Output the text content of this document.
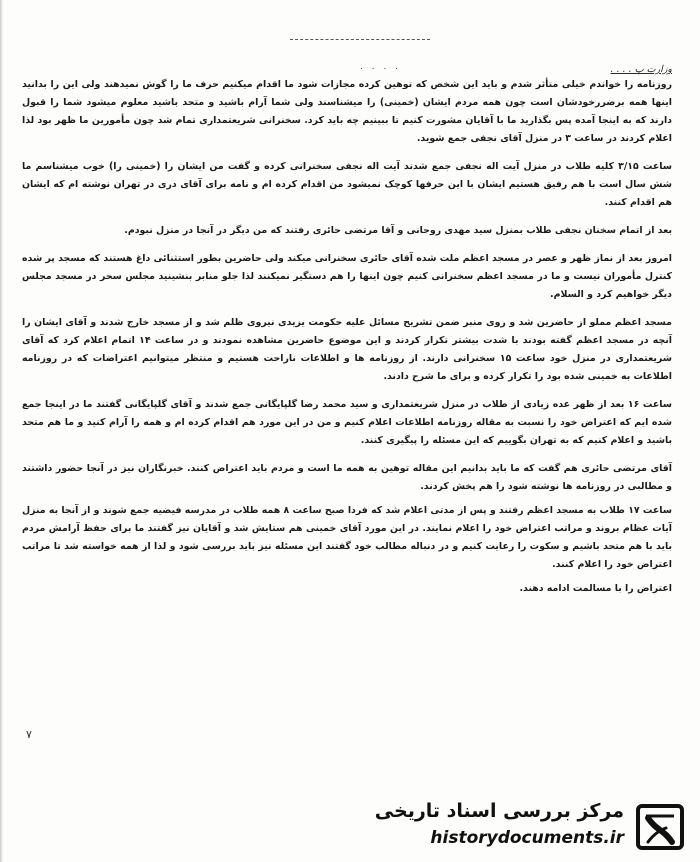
. . . .	وزارت پ . . . .

روزنامه را خواندم خیلی متأثر شدم و باید این شخص که توهین کرده مجازات شود ما اقدام میکنیم حرف ما را گوش نمیدهند ولی این را بدانید اینها همه برضررخودشان است چون همه مردم ایشان (خمینی) را میشناسند ولی شما آرام باشید و متحد باشید معلوم میشود شما را قبول دارند که به اینجا آمده پس بگذارید ما با آقایان مشورت کنیم تا ببینیم چه باید کرد. سخنرانی شریعتمداری تمام شد چون مأمورین ما ظهر بود لذا اعلام کردند در ساعت ۳ در منزل آقای نجفی جمع شوید.

ساعت ۳/۱۵ کلیه طلاب در منزل آیت اله نجفی جمع شدند آیت اله نجفی سخنرانی کرده و گفت من ایشان را (خمینی را) خوب میشناسم ما شش سال است با هم رفیق هستیم ایشان با این حرفها کوچک نمیشود من اقدام کرده ام و نامه برای آقای دری در تهران نوشته ام که ایشان هم اقدام کنند.

بعد از اتمام سخنان نجفی طلاب بمنزل سید مهدی روحانی و آقا مرتضی حائری رفتند که من دیگر در آنجا در منزل نبودم.

امروز بعد از نماز ظهر و عصر در مسجد اعظم ملت شده آقای حائری سخنرانی میکند ولی حاضرین بطور استثنائی داغ هستند که مسجد پر شده کنترل مأموران نیست و ما در مسجد اعظم سخنرانی کنیم چون اینها را هم دستگیر نمیکنند لذا جلو منابر بنشینید مجلس سحر در مسجد مجلس دیگر خواهیم کرد و السلام.

مسجد اعظم مملو از حاضرین شد و روی منبر ضمن تشریح مسائل علیه حکومت یزیدی نیروی ظلم شد و از مسجد خارج شدند و آقای ایشان را آنچه در مسجد اعظم گفته بودند با شدت بیشتر تکرار کردند و این موضوع حاضرین مشاهده نمودند و در ساعت ۱۴ اتمام اعلام کرد که آقای شریعتمداری در منزل خود ساعت ۱۵ سخنرانی دارند. از روزنامه ها و اطلاعات ناراحت هستیم و منتظر میتوانیم اعتراضات که در روزنامه اطلاعات به خمینی شده بود را تکرار کرده و برای ما شرح دادند.

ساعت ۱۶ بعد از ظهر عده زیادی از طلاب در منزل شریعتمداری و سید محمد رضا گلپایگانی جمع شدند و آقای گلپایگانی گفتند ما در اینجا جمع شده ایم که اعتراض خود را نسبت به مقاله روزنامه اطلاعات اعلام کنیم و من در این مورد هم اقدام کرده ام و همه را آرام کنید و ما هم متحد باشید و اعلام کنیم که به تهران بگوییم که این مسئله را پیگیری کنند.

آقای مرتضی حائری هم گفت که ما باید بدانیم این مقاله توهین به همه ما است و مردم باید اعتراض کنند. خبرنگاران نیز در آنجا حضور داشتند و مطالبی در روزنامه ها نوشته شود را هم پخش کردند.

ساعت ۱۷ طلاب به مسجد اعظم رفتند و پس از مدتی اعلام شد که فردا صبح ساعت ۸ همه طلاب در مدرسه فیضیه جمع شوند و از آنجا به منزل آیات عظام بروند و مراتب اعتراض خود را اعلام نمایند. در این مورد آقای خمینی هم ستایش شد و آقایان نیز گفتند ما برای حفظ آرامش مردم باید با هم متحد باشیم و سکوت را رعایت کنیم و در دنباله مطالب خود گفتند این مسئله نیز باید بررسی شود و لذا از همه خواسته شد تا مراتب اعتراض خود را اعلام کنند.

اعتراض را با مسالمت ادامه دهند.

۷
مرکز بررسی اسناد تاریخی
historydocuments.ir
